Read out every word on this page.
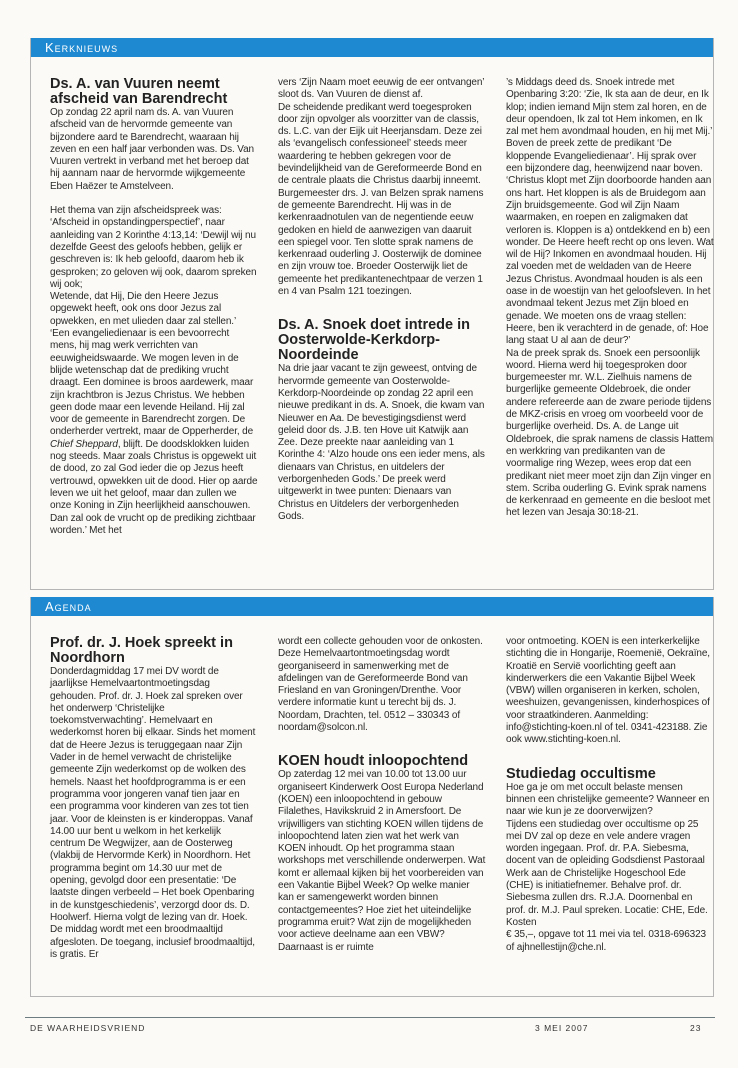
Kerknieuws
Ds. A. van Vuuren neemt afscheid van Barendrecht

Op zondag 22 april nam ds. A. van Vuuren afscheid van de hervormde gemeente van bijzondere aard te Barendrecht, waaraan hij zeven en een half jaar verbonden was. Ds. Van Vuuren vertrekt in verband met het beroep dat hij aannam naar de hervormde wijkgemeente Eben Haëzer te Amstelveen.

Het thema van zijn afscheidspreek was: ‘Afscheid in opstandingperspectief’, naar aanleiding van 2 Korinthe 4:13,14: ‘Dewijl wij nu dezelfde Geest des geloofs hebben, gelijk er geschreven is: Ik heb geloofd, daarom heb ik gesproken; zo geloven wij ook, daarom spreken wij ook;

Wetende, dat Hij, Die den Heere Jezus opgewekt heeft, ook ons door Jezus zal opwekken, en met ulieden daar zal stellen.’

‘Een evangeliedienaar is een bevoorrecht mens, hij mag werk verrichten van eeuwigheidswaarde. We mogen leven in de blijde wetenschap dat de prediking vrucht draagt. Een dominee is broos aardewerk, maar zijn krachtbron is Jezus Christus. We hebben geen dode maar een levende Heiland. Hij zal voor de gemeente in Barendrecht zorgen. De onderherder vertrekt, maar de Opperherder, de Chief Sheppard, blijft. De doodsklokken luiden nog steeds. Maar zoals Christus is opgewekt uit de dood, zo zal God ieder die op Jezus heeft vertrouwd, opwekken uit de dood. Hier op aarde leven we uit het geloof, maar dan zullen we onze Koning in Zijn heerlijkheid aanschouwen. Dan zal ook de vrucht op de prediking zichtbaar worden.’ Met het

vers ‘Zijn Naam moet eeuwig de eer ontvangen’ sloot ds. Van Vuuren de dienst af.

De scheidende predikant werd toegesproken door zijn opvolger als voorzitter van de classis, ds. L.C. van der Eijk uit Heerjansdam. Deze zei als ‘evangelisch confessioneel’ steeds meer waardering te hebben gekregen voor de bevindelijkheid van de Gereformeerde Bond en de centrale plaats die Christus daarbij inneemt. Burgemeester drs. J. van Belzen sprak namens de gemeente Barendrecht. Hij was in de kerkenraadnotulen van de negentiende eeuw gedoken en hield de aanwezigen van daaruit een spiegel voor. Ten slotte sprak namens de kerkenraad ouderling J. Oosterwijk de dominee en zijn vrouw toe. Broeder Oosterwijk liet de gemeente het predikantenechtpaar de verzen 1 en 4 van Psalm 121 toezingen.

Ds. A. Snoek doet intrede in Oosterwolde-Kerkdorp-Noordeinde

Na drie jaar vacant te zijn geweest, ontving de hervormde gemeente van Oosterwolde-Kerkdorp-Noordeinde op zondag 22 april een nieuwe predikant in ds. A. Snoek, die kwam van Nieuwer en Aa. De bevestigingsdienst werd geleid door ds. J.B. ten Hove uit Katwijk aan Zee. Deze preekte naar aanleiding van 1 Korinthe 4: ‘Alzo houde ons een ieder mens, als dienaars van Christus, en uitdelers der verborgenheden Gods.’ De preek werd uitgewerkt in twee punten: Dienaars van Christus en Uitdelers der verborgenheden Gods.

’s Middags deed ds. Snoek intrede met Openbaring 3:20: ‘Zie, Ik sta aan de deur, en Ik klop; indien iemand Mijn stem zal horen, en de deur opendoen, Ik zal tot Hem inkomen, en Ik zal met hem avondmaal houden, en hij met Mij.’ Boven de preek zette de predikant ‘De kloppende Evangeliedienaar’. Hij sprak over een bijzondere dag, heenwijzend naar boven. ‘Christus klopt met Zijn doorboorde handen aan ons hart. Het kloppen is als de Bruidegom aan Zijn bruidsgemeente. God wil Zijn Naam waarmaken, en roepen en zaligmaken dat verloren is. Kloppen is a) ontdekkend en b) een wonder. De Heere heeft recht op ons leven. Wat wil de Hij? Inkomen en avondmaal houden. Hij zal voeden met de weldaden van de Heere Jezus Christus. Avondmaal houden is als een oase in de woestijn van het geloofsleven. In het avondmaal tekent Jezus met Zijn bloed en genade. We moeten ons de vraag stellen: Heere, ben ik verachterd in de genade, of: Hoe lang staat U al aan de deur?’

Na de preek sprak ds. Snoek een persoonlijk woord. Hierna werd hij toegesproken door burgemeester mr. W.L. Zielhuis namens de burgerlijke gemeente Oldebroek, die onder andere refereerde aan de zware periode tijdens de MKZ-crisis en vroeg om voorbeeld voor de burgerlijke overheid. Ds. A. de Lange uit Oldebroek, die sprak namens de classis Hattem en werkkring van predikanten van de voormalige ring Wezep, wees erop dat een predikant niet meer moet zijn dan Zijn vinger en stem. Scriba ouderling G. Evink sprak namens de kerkenraad en gemeente en die besloot met het lezen van Jesaja 30:18-21.

Agenda
Prof. dr. J. Hoek spreekt in Noordhorn

Donderdagmiddag 17 mei DV wordt de jaarlijkse Hemelvaartontmoetingsdag gehouden. Prof. dr. J. Hoek zal spreken over het onderwerp ‘Christelijke toekomstverwachting’. Hemelvaart en wederkomst horen bij elkaar. Sinds het moment dat de Heere Jezus is teruggegaan naar Zijn Vader in de hemel verwacht de christelijke gemeente Zijn wederkomst op de wolken des hemels. Naast het hoofdprogramma is er een programma voor jongeren vanaf tien jaar en een programma voor kinderen van zes tot tien jaar. Voor de kleinsten is er kinderoppas. Vanaf 14.00 uur bent u welkom in het kerkelijk centrum De Wegwijzer, aan de Oosterweg (vlakbij de Hervormde Kerk) in Noordhorn. Het programma begint om 14.30 uur met de opening, gevolgd door een presentatie: ‘De laatste dingen verbeeld – Het boek Openbaring in de kunstgeschiedenis’, verzorgd door ds. D. Hoolwerf. Hierna volgt de lezing van dr. Hoek. De middag wordt met een broodmaaltijd afgesloten. De toegang, inclusief broodmaaltijd, is gratis. Er

wordt een collecte gehouden voor de onkosten.

Deze Hemelvaartontmoetingsdag wordt georganiseerd in samenwerking met de afdelingen van de Gereformeerde Bond van Friesland en van Groningen/Drenthe. Voor verdere informatie kunt u terecht bij ds. J. Noordam, Drachten, tel. 0512 – 330343 of noordam@solcon.nl.

KOEN houdt inloopochtend

Op zaterdag 12 mei van 10.00 tot 13.00 uur organiseert Kinderwerk Oost Europa Nederland (KOEN) een inloopochtend in gebouw Filalethes, Havikskruid 2 in Amersfoort. De vrijwilligers van stichting KOEN willen tijdens de inloopochtend laten zien wat het werk van KOEN inhoudt. Op het programma staan workshops met verschillende onderwerpen. Wat komt er allemaal kijken bij het voorbereiden van een Vakantie Bijbel Week? Op welke manier kan er samengewerkt worden binnen contactgemeentes? Hoe ziet het uiteindelijke programma eruit? Wat zijn de mogelijkheden voor actieve deelname aan een VBW? Daarnaast is er ruimte

voor ontmoeting. KOEN is een interkerkelijke stichting die in Hongarije, Roemenië, Oekraïne, Kroatië en Servië voorlichting geeft aan kinderwerkers die een Vakantie Bijbel Week (VBW) willen organiseren in kerken, scholen, weeshuizen, gevangenissen, kinderhospices of voor straatkinderen. Aanmelding: info@stichting-koen.nl of tel. 0341-423188. Zie ook www.stichting-koen.nl.

Studiedag occultisme

Hoe ga je om met occult belaste mensen binnen een christelijke gemeente? Wanneer en naar wie kun je ze doorverwijzen?

Tijdens een studiedag over occultisme op 25 mei DV zal op deze en vele andere vragen worden ingegaan. Prof. dr. P.A. Siebesma, docent van de opleiding Godsdienst Pastoraal Werk aan de Christelijke Hogeschool Ede (CHE) is initiatiefnemer. Behalve prof. dr. Siebesma zullen drs. R.J.A. Doornenbal en prof. dr. M.J. Paul spreken. Locatie: CHE, Ede. Kosten

€ 35,–, opgave tot 11 mei via tel. 0318-696323 of ajhnellestijn@che.nl.

DE WAARHEIDSVRIEND	3 MEI 2007	23
